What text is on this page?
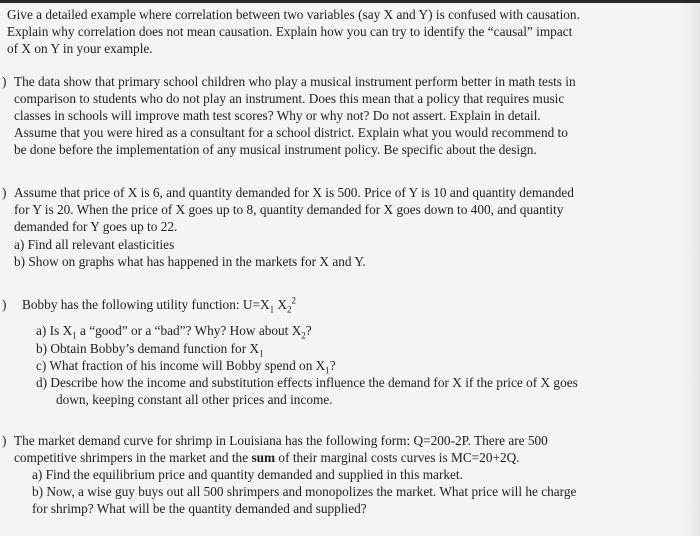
Give a detailed example where correlation between two variables (say X and Y) is confused with causation.
Explain why correlation does not mean causation. Explain how you can try to identify the “causal” impact
of X on Y in your example.
) The data show that primary school children who play a musical instrument perform better in math tests in
comparison to students who do not play an instrument. Does this mean that a policy that requires music
classes in schools will improve math test scores? Why or why not? Do not assert. Explain in detail.
Assume that you were hired as a consultant for a school district. Explain what you would recommend to
be done before the implementation of any musical instrument policy. Be specific about the design.
) Assume that price of X is 6, and quantity demanded for X is 500. Price of Y is 10 and quantity demanded
for Y is 20. When the price of X goes up to 8, quantity demanded for X goes down to 400, and quantity
demanded for Y goes up to 22.
a) Find all relevant elasticities
b) Show on graphs what has happened in the markets for X and Y.
) Bobby has the following utility function: $U=X_1$ $X_2^2$
a) Is $X_1$ a “good” or a “bad”? Why? How about $X_2$?
b) Obtain Bobby’s demand function for $X_1$
c) What fraction of his income will Bobby spend on $X_1$?
d) Describe how the income and substitution effects influence the demand for X if the price of X goes
down, keeping constant all other prices and income.
) The market demand curve for shrimp in Louisiana has the following form: Q=200-2P. There are 500
competitive shrimpers in the market and the sum of their marginal costs curves is MC=20+2Q.
a) Find the equilibrium price and quantity demanded and supplied in this market.
b) Now, a wise guy buys out all 500 shrimpers and monopolizes the market. What price will he charge
for shrimp? What will be the quantity demanded and supplied?
